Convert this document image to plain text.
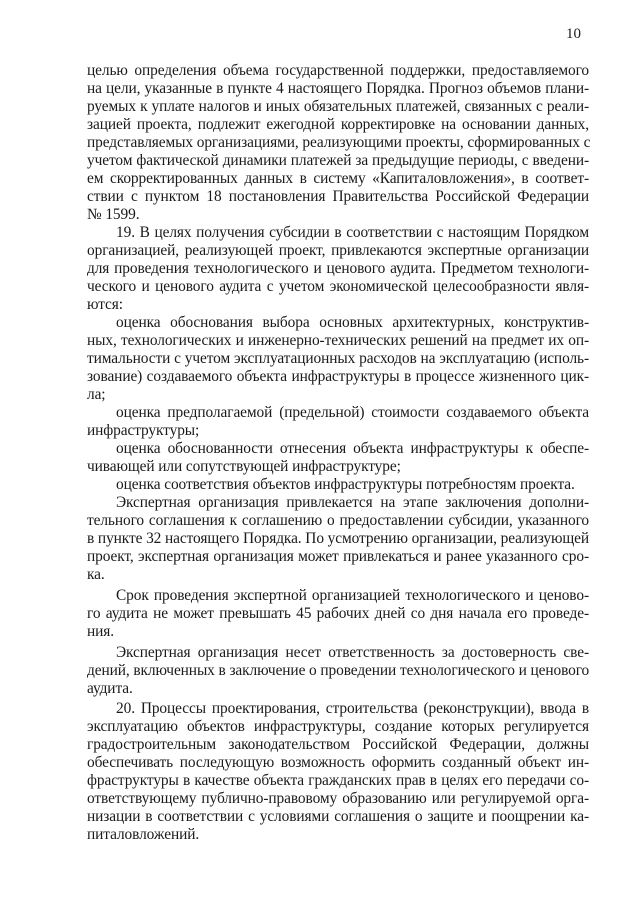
10
целью определения объема государственной поддержки, предоставляемого
на цели, указанные в пункте 4 настоящего Порядка. Прогноз объемов плани-
руемых к уплате налогов и иных обязательных платежей, связанных с реали-
зацией проекта, подлежит ежегодной корректировке на основании данных,
представляемых организациями, реализующими проекты, сформированных с
учетом фактической динамики платежей за предыдущие периоды, с введени-
ем скорректированных данных в систему «Капиталовложения», в соответ-
ствии с пунктом 18 постановления Правительства Российской Федерации
№ 1599.
19. В целях получения субсидии в соответствии с настоящим Порядком
организацией, реализующей проект, привлекаются экспертные организации
для проведения технологического и ценового аудита. Предметом технологи-
ческого и ценового аудита с учетом экономической целесообразности явля-
ются:
оценка обоснования выбора основных архитектурных, конструктив-
ных, технологических и инженерно-технических решений на предмет их оп-
тимальности с учетом эксплуатационных расходов на эксплуатацию (исполь-
зование) создаваемого объекта инфраструктуры в процессе жизненного цик-
ла;
оценка предполагаемой (предельной) стоимости создаваемого объекта
инфраструктуры;
оценка обоснованности отнесения объекта инфраструктуры к обеспе-
чивающей или сопутствующей инфраструктуре;
оценка соответствия объектов инфраструктуры потребностям проекта.
Экспертная организация привлекается на этапе заключения дополни-
тельного соглашения к соглашению о предоставлении субсидии, указанного
в пункте 32 настоящего Порядка. По усмотрению организации, реализующей
проект, экспертная организация может привлекаться и ранее указанного сро-
ка.
Срок проведения экспертной организацией технологического и ценово-
го аудита не может превышать 45 рабочих дней со дня начала его проведе-
ния.
Экспертная организация несет ответственность за достоверность све-
дений, включенных в заключение о проведении технологического и ценового
аудита.
20. Процессы проектирования, строительства (реконструкции), ввода в
эксплуатацию объектов инфраструктуры, создание которых регулируется
градостроительным законодательством Российской Федерации, должны
обеспечивать последующую возможность оформить созданный объект ин-
фраструктуры в качестве объекта гражданских прав в целях его передачи со-
ответствующему публично-правовому образованию или регулируемой орга-
низации в соответствии с условиями соглашения о защите и поощрении ка-
питаловложений.
